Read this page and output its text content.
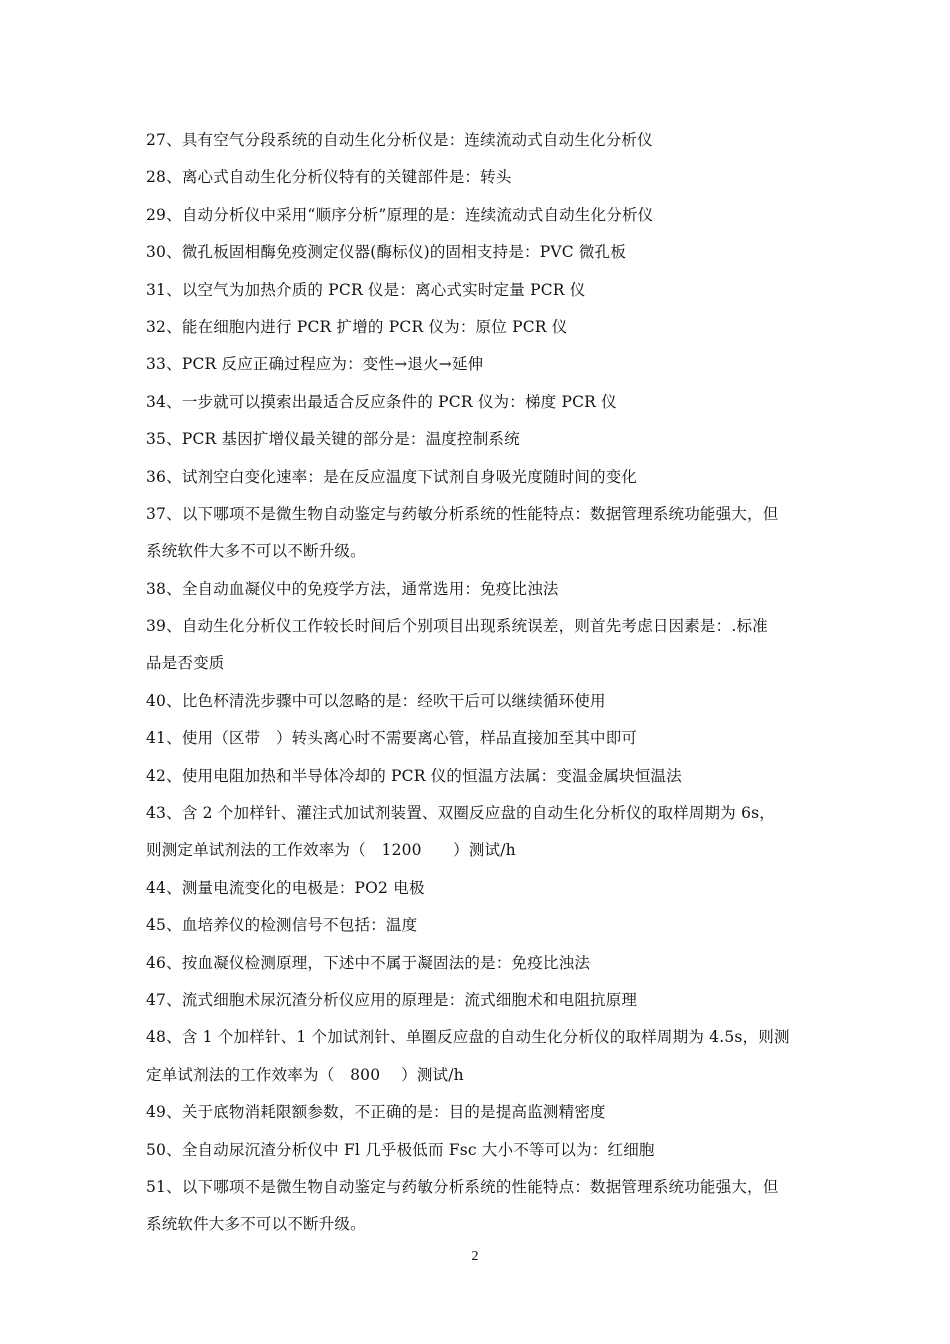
27、具有空气分段系统的自动生化分析仪是：连续流动式自动生化分析仪
28、离心式自动生化分析仪特有的关键部件是：转头
29、自动分析仪中采用“顺序分析”原理的是：连续流动式自动生化分析仪
30、微孔板固相酶免疫测定仪器(酶标仪)的固相支持是：PVC 微孔板
31、以空气为加热介质的 PCR 仪是：离心式实时定量 PCR 仪
32、能在细胞内进行 PCR 扩增的 PCR 仪为：原位 PCR 仪
33、PCR 反应正确过程应为：变性→退火→延伸
34、一步就可以摸索出最适合反应条件的 PCR 仪为：梯度 PCR 仪
35、PCR 基因扩增仪最关键的部分是：温度控制系统
36、试剂空白变化速率：是在反应温度下试剂自身吸光度随时间的变化
37、以下哪项不是微生物自动鉴定与药敏分析系统的性能特点：数据管理系统功能强大，但
系统软件大多不可以不断升级。
38、全自动血凝仪中的免疫学方法，通常选用：免疫比浊法
39、自动生化分析仪工作较长时间后个别项目出现系统误差，则首先考虑日因素是：.标准
品是否变质
40、比色杯清洗步骤中可以忽略的是：经吹干后可以继续循环使用
41、使用（区带　）转头离心时不需要离心管，样品直接加至其中即可
42、使用电阻加热和半导体冷却的 PCR 仪的恒温方法属：变温金属块恒温法
43、含 2 个加样针、灌注式加试剂装置、双圈反应盘的自动生化分析仪的取样周期为 6s，
则测定单试剂法的工作效率为（　1200　　）测试/h
44、测量电流变化的电极是：PO2 电极
45、血培养仪的检测信号不包括：温度
46、按血凝仪检测原理，下述中不属于凝固法的是：免疫比浊法
47、流式细胞术尿沉渣分析仪应用的原理是：流式细胞术和电阻抗原理
48、含 1 个加样针、1 个加试剂针、单圈反应盘的自动生化分析仪的取样周期为 4.5s，则测
定单试剂法的工作效率为（　800　 ）测试/h
49、关于底物消耗限额参数，不正确的是：目的是提高监测精密度
50、全自动尿沉渣分析仪中 Fl 几乎极低而 Fsc 大小不等可以为：红细胞
51、以下哪项不是微生物自动鉴定与药敏分析系统的性能特点：数据管理系统功能强大，但
系统软件大多不可以不断升级。
2
